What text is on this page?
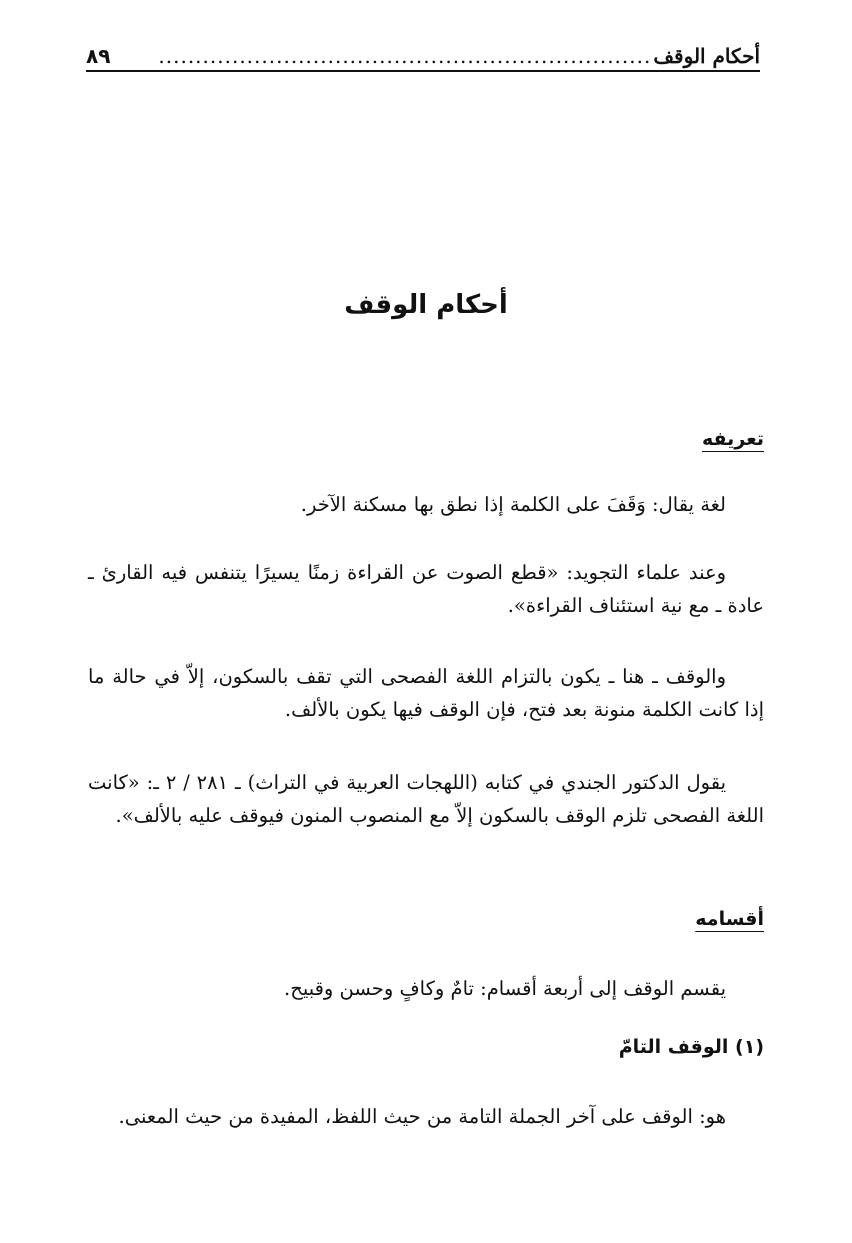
أحكام الوقف
...................................................................
٨٩
أحكام الوقف
تعريفه
لغة يقال: وَقَفَ على الكلمة إذا نطق بها مسكنة الآخر.
وعند علماء التجويد: «قطع الصوت عن القراءة زمنًا يسيرًا يتنفس فيه القارئ ـ عادة ـ مع نية استئناف القراءة».
والوقف ـ هنا ـ يكون بالتزام اللغة الفصحى التي تقف بالسكون، إلاّ في حالة ما إذا كانت الكلمة منونة بعد فتح، فإن الوقف فيها يكون بالألف.
يقول الدكتور الجندي في كتابه (اللهجات العربية في التراث) ـ ٢٨١ / ٢ ـ: «كانت اللغة الفصحى تلزم الوقف بالسكون إلاّ مع المنصوب المنون فيوقف عليه بالألف».
أقسامه
يقسم الوقف إلى أربعة أقسام: تامٌ وكافٍ وحسن وقبيح.
(١) الوقف التامّ
هو: الوقف على آخر الجملة التامة من حيث اللفظ، المفيدة من حيث المعنى.
